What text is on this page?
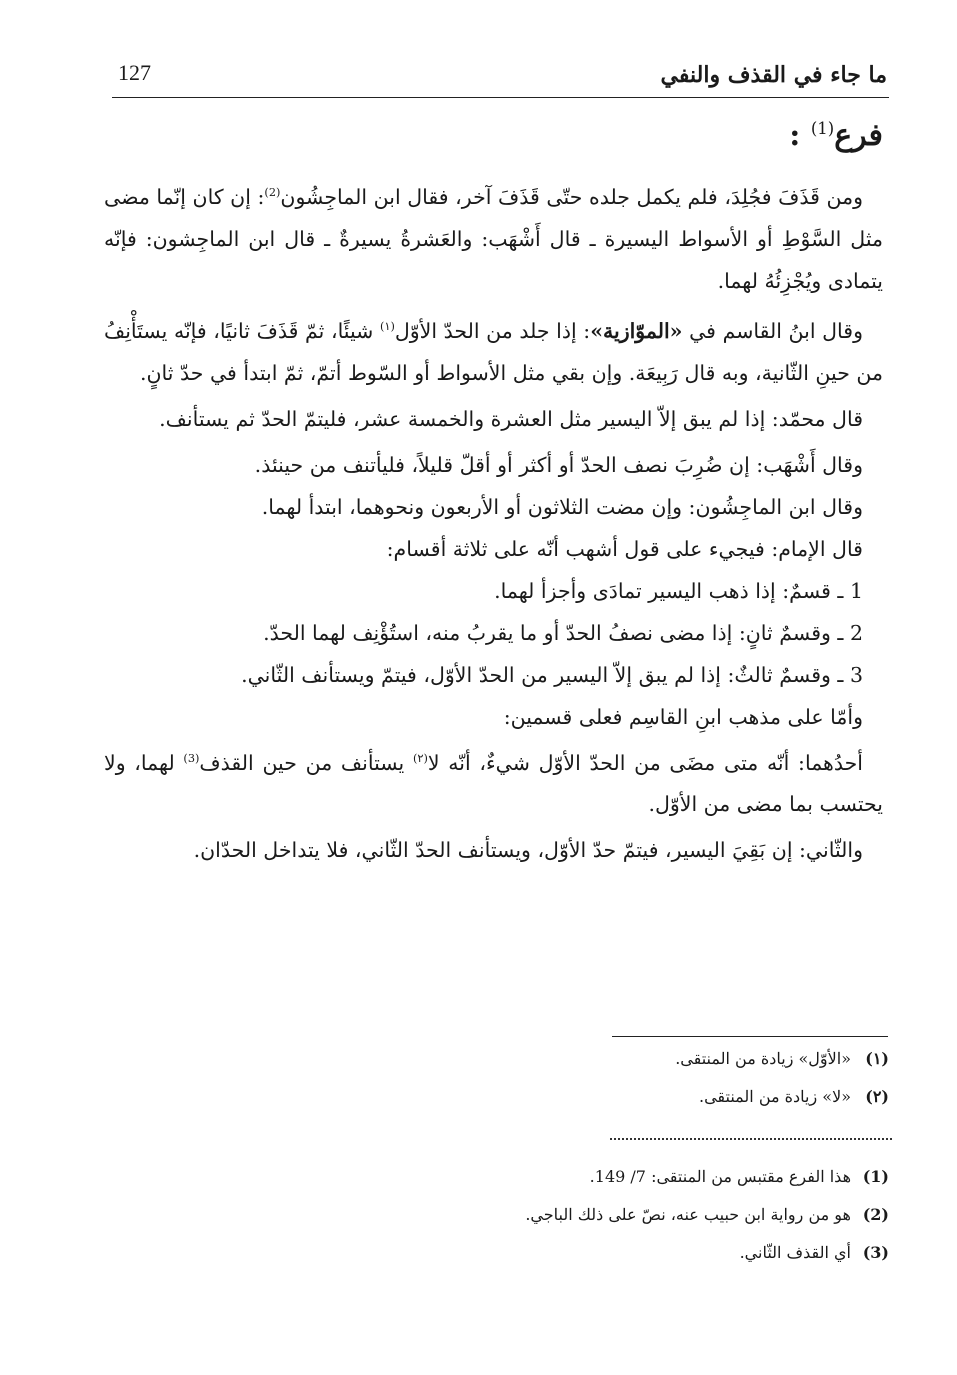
ما جاء في القذف والنفي
127
فرع$^{(1)}$ :

ومن قَذَفَ فجُلِدَ، فلم يكمل جلده حتّى قَذَفَ آخر، فقال ابن الماجِشُون$^{(2)}$: إن كان إنّما مضى مثل السَّوْطِ أو الأسواط اليسيرة ـ قال أَشْهَب: والعَشرةُ يسيرةٌ ـ قال ابن الماجِشون: فإنّه يتمادى ويُجْزِئُهُ لهما.

وقال ابنُ القاسم في «الموّازية»: إذا جلد من الحدّ الأوّل$^{(١)}$ شيئًا، ثمّ قَذَفَ ثانيًا، فإنّه يستَأْنِفُ من حينِ الثّانية، وبه قال رَبِيعَة. وإن بقي مثل الأسواط أو السّوط أتمّ، ثمّ ابتدأ في حدّ ثانٍ.

قال محمّد: إذا لم يبق إلاّ اليسير مثل العشرة والخمسة عشر، فليتمّ الحدّ ثم يستأنف.

وقال أَشْهَب: إن ضُرِبَ نصف الحدّ أو أكثر أو أقلّ قليلاً، فليأتنف من حينئذ.

وقال ابن الماجِشُون: وإن مضت الثلاثون أو الأربعون ونحوهما، ابتدأ لهما.

قال الإمام: فيجيء على قول أشهب أنّه على ثلاثة أقسام:

1 ـ قسمٌ: إذا ذهب اليسير تمادَى وأجزأ لهما.

2 ـ وقسمٌ ثانٍ: إذا مضى نصفُ الحدّ أو ما يقربُ منه، استُؤْنِف لهما الحدّ.

3 ـ وقسمٌ ثالثٌ: إذا لم يبق إلاّ اليسير من الحدّ الأوّل، فيتمّ ويستأنف الثّاني.

وأمّا على مذهب ابنِ القاسِم فعلى قسمين:

أحدُهما: أنّه متى مضَى من الحدّ الأوّل شيءٌ، أنّه لا$^{(٢)}$ يستأنف من حين القذف$^{(3)}$ لهما، ولا يحتسب بما مضى من الأوّل.

والثّاني: إن بَقِيَ اليسير، فيتمّ حدّ الأوّل، ويستأنف الحدّ الثّاني، فلا يتداخل الحدّان.

(١)
«الأوّل» زيادة من المنتقى.
(٢)
«لا» زيادة من المنتقى.
(1)
هذا الفرع مقتبس من المنتقى: 7/ 149.
(2)
هو من رواية ابن حبيب عنه، نصّ على ذلك الباجي.
(3)
أي القذف الثّاني.
